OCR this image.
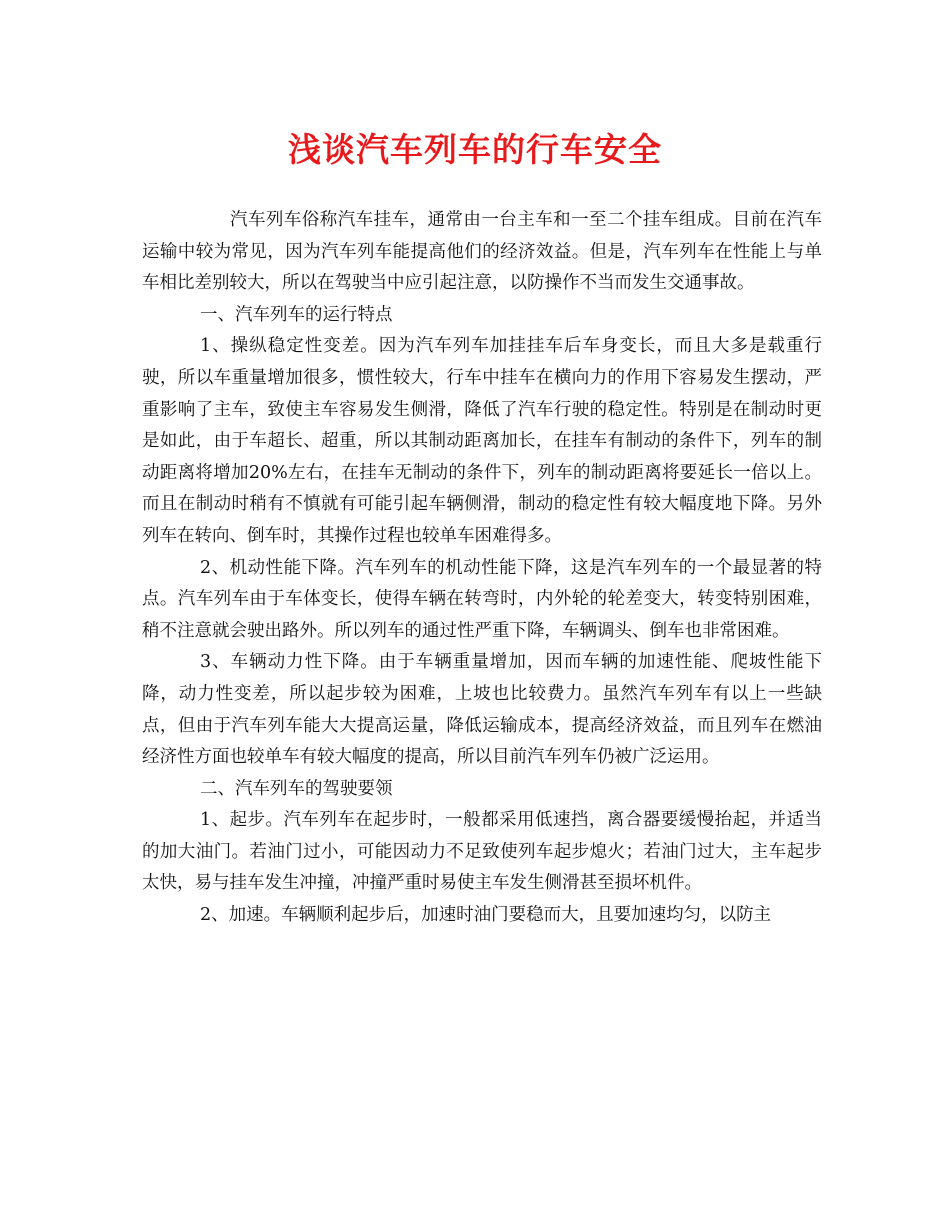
浅谈汽车列车的行车安全

汽车列车俗称汽车挂车，通常由一台主车和一至二个挂车组成。目前在汽车运输中较为常见，因为汽车列车能提高他们的经济效益。但是，汽车列车在性能上与单车相比差别较大，所以在驾驶当中应引起注意，以防操作不当而发生交通事故。

一、汽车列车的运行特点

1、操纵稳定性变差。因为汽车列车加挂挂车后车身变长，而且大多是载重行驶，所以车重量增加很多，惯性较大，行车中挂车在横向力的作用下容易发生摆动，严重影响了主车，致使主车容易发生侧滑，降低了汽车行驶的稳定性。特别是在制动时更是如此，由于车超长、超重，所以其制动距离加长，在挂车有制动的条件下，列车的制动距离将增加20%左右，在挂车无制动的条件下，列车的制动距离将要延长一倍以上。而且在制动时稍有不慎就有可能引起车辆侧滑，制动的稳定性有较大幅度地下降。另外列车在转向、倒车时，其操作过程也较单车困难得多。

2、机动性能下降。汽车列车的机动性能下降，这是汽车列车的一个最显著的特点。汽车列车由于车体变长，使得车辆在转弯时，内外轮的轮差变大，转变特别困难，稍不注意就会驶出路外。所以列车的通过性严重下降，车辆调头、倒车也非常困难。

3、车辆动力性下降。由于车辆重量增加，因而车辆的加速性能、爬坡性能下降，动力性变差，所以起步较为困难，上坡也比较费力。虽然汽车列车有以上一些缺点，但由于汽车列车能大大提高运量，降低运输成本，提高经济效益，而且列车在燃油经济性方面也较单车有较大幅度的提高，所以目前汽车列车仍被广泛运用。

二、汽车列车的驾驶要领

1、起步。汽车列车在起步时，一般都采用低速挡，离合器要缓慢抬起，并适当的加大油门。若油门过小，可能因动力不足致使列车起步熄火；若油门过大，主车起步太快，易与挂车发生冲撞，冲撞严重时易使主车发生侧滑甚至损坏机件。

2、加速。车辆顺利起步后，加速时油门要稳而大，且要加速均匀，以防主
